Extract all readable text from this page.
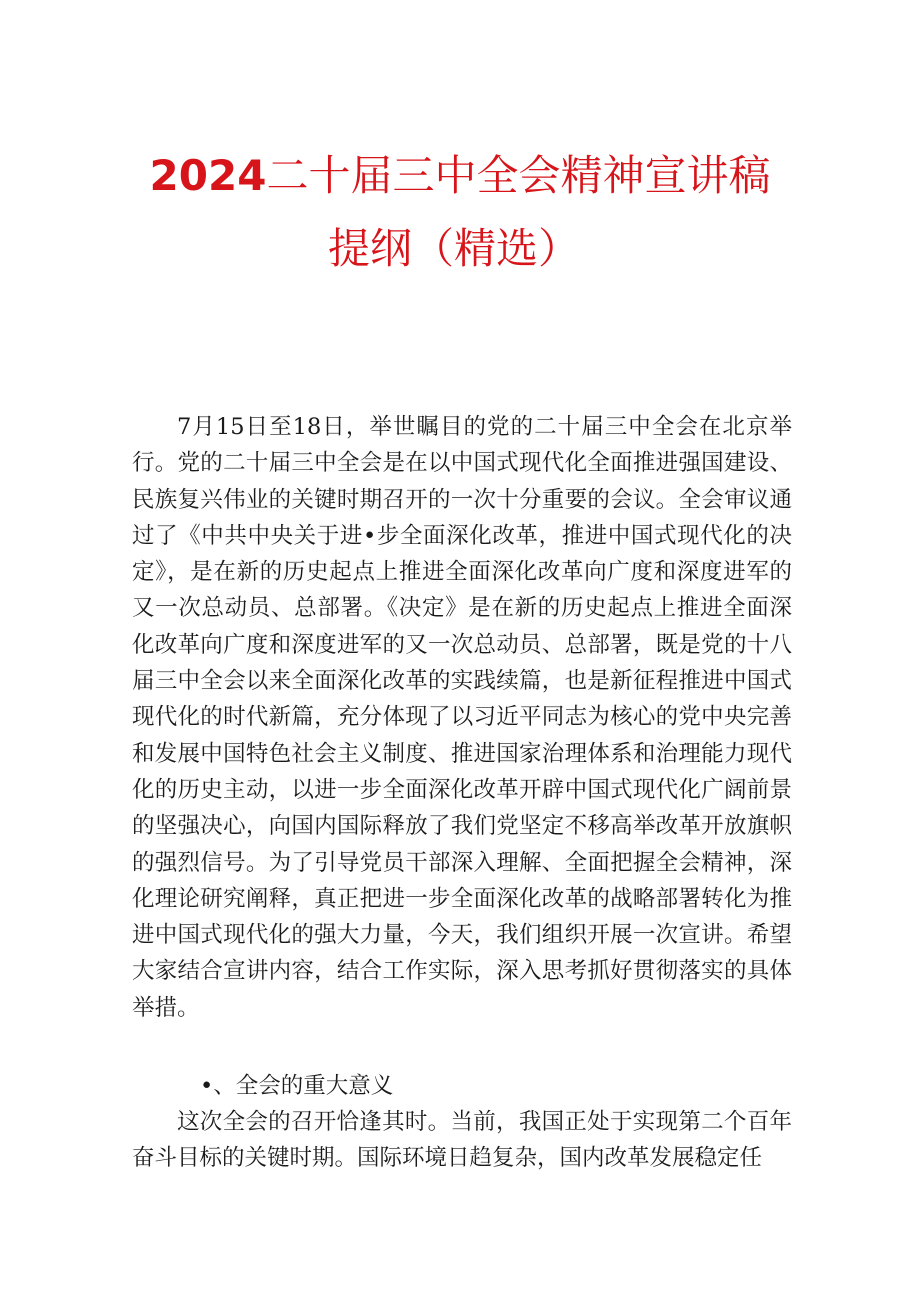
2024二十届三中全会精神宣讲稿
提纲（精选）

7月15日至18日，举世瞩目的党的二十届三中全会在北京举行。党的二十届三中全会是在以中国式现代化全面推进强国建设、民族复兴伟业的关键时期召开的一次十分重要的会议。全会审议通过了《中共中央关于进•步全面深化改革，推进中国式现代化的决定》，是在新的历史起点上推进全面深化改革向广度和深度进军的又一次总动员、总部署。《决定》是在新的历史起点上推进全面深化改革向广度和深度进军的又一次总动员、总部署，既是党的十八届三中全会以来全面深化改革的实践续篇，也是新征程推进中国式现代化的时代新篇，充分体现了以习近平同志为核心的党中央完善和发展中国特色社会主义制度、推进国家治理体系和治理能力现代化的历史主动，以进一步全面深化改革开辟中国式现代化广阔前景的坚强决心，向国内国际释放了我们党坚定不移高举改革开放旗帜的强烈信号。为了引导党员干部深入理解、全面把握全会精神，深化理论研究阐释，真正把进一步全面深化改革的战略部署转化为推进中国式现代化的强大力量，今天，我们组织开展一次宣讲。希望大家结合宣讲内容，结合工作实际，深入思考抓好贯彻落实的具体举措。

•、全会的重大意义

这次全会的召开恰逢其时。当前，我国正处于实现第二个百年奋斗目标的关键时期。国际环境日趋复杂，国内改革发展稳定任
